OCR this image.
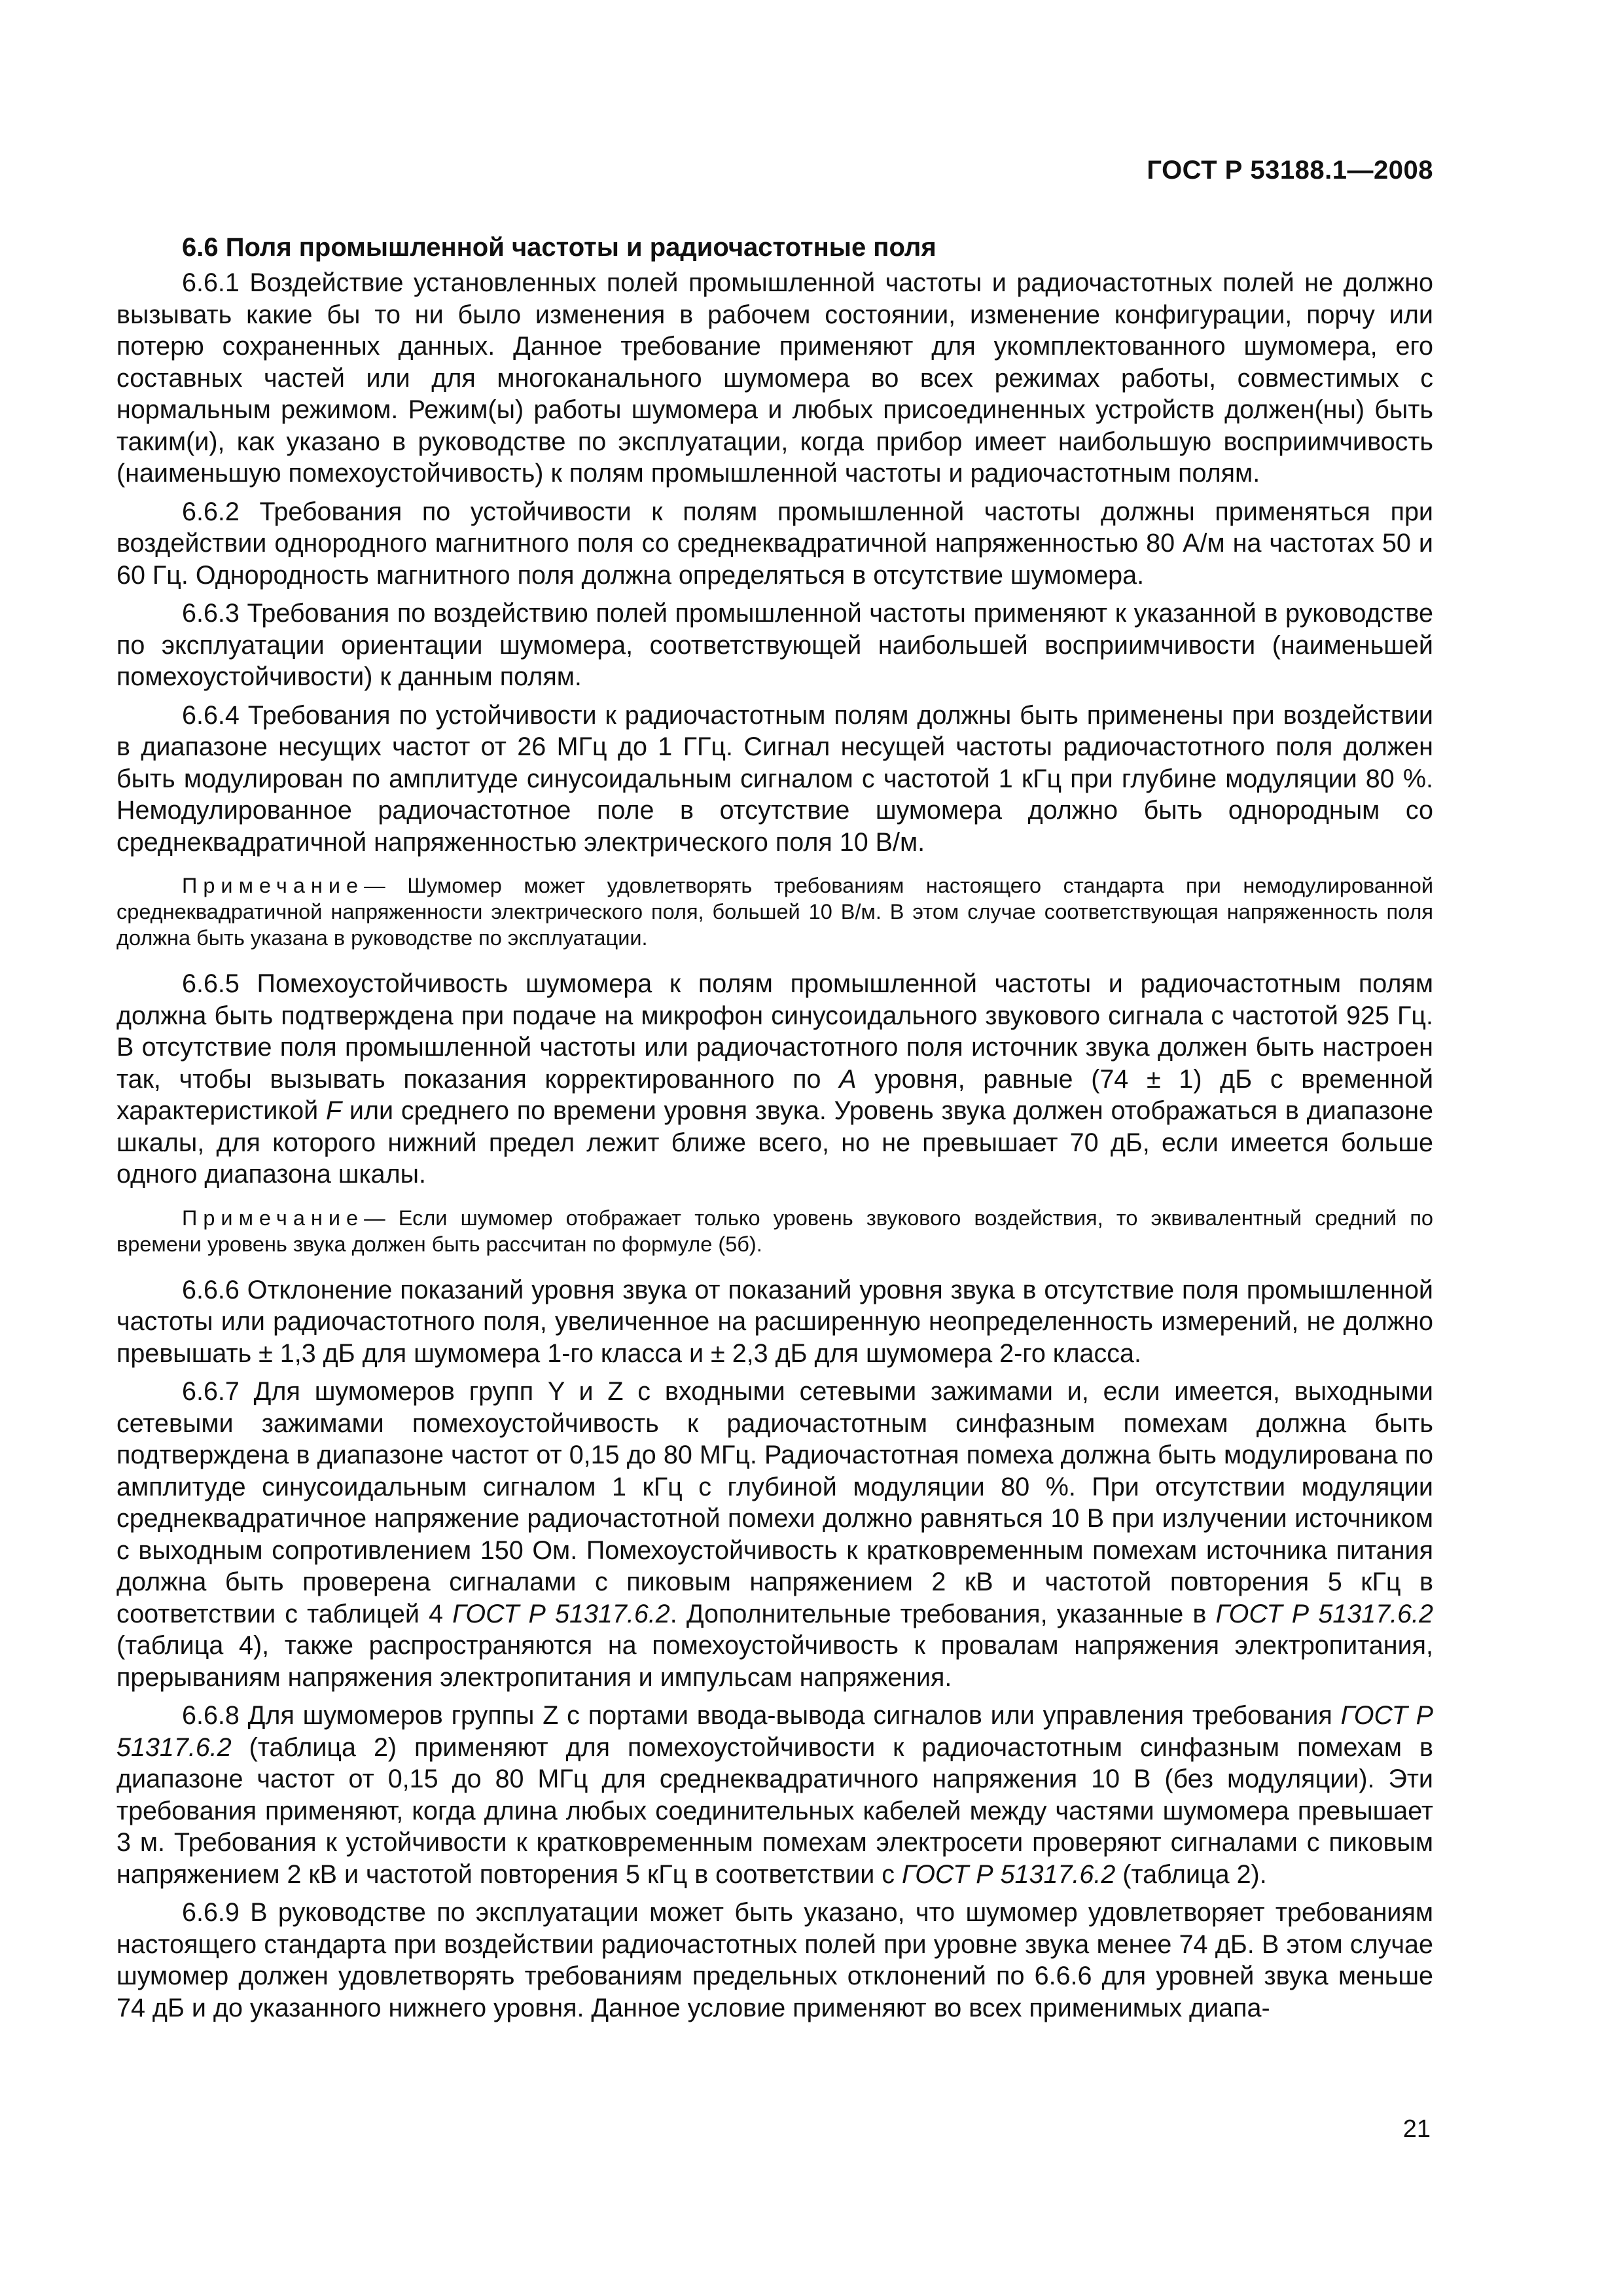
ГОСТ Р 53188.1—2008
6.6 Поля промышленной частоты и радиочастотные поля

6.6.1 Воздействие установленных полей промышленной частоты и радиочастотных полей не должно вызывать какие бы то ни было изменения в рабочем состоянии, изменение конфигурации, порчу или потерю сохраненных данных. Данное требование применяют для укомплектованного шумомера, его составных частей или для многоканального шумомера во всех режимах работы, совместимых с нормальным режимом. Режим(ы) работы шумомера и любых присоединенных устройств должен(ны) быть таким(и), как указано в руководстве по эксплуатации, когда прибор имеет наибольшую восприимчивость (наименьшую помехоустойчивость) к полям промышленной частоты и радиочастотным полям.

6.6.2 Требования по устойчивости к полям промышленной частоты должны применяться при воздействии однородного магнитного поля со среднеквадратичной напряженностью 80 А/м на частотах 50 и 60 Гц. Однородность магнитного поля должна определяться в отсутствие шумомера.

6.6.3 Требования по воздействию полей промышленной частоты применяют к указанной в руководстве по эксплуатации ориентации шумомера, соответствующей наибольшей восприимчивости (наименьшей помехоустойчивости) к данным полям.

6.6.4 Требования по устойчивости к радиочастотным полям должны быть применены при воздействии в диапазоне несущих частот от 26 МГц до 1 ГГц. Сигнал несущей частоты радиочастотного поля должен быть модулирован по амплитуде синусоидальным сигналом с частотой 1 кГц при глубине модуляции 80 %. Немодулированное радиочастотное поле в отсутствие шумомера должно быть однородным со среднеквадратичной напряженностью электрического поля 10 В/м.

Примечание— Шумомер может удовлетворять требованиям настоящего стандарта при немодулированной среднеквадратичной напряженности электрического поля, большей 10 В/м. В этом случае соответствующая напряженность поля должна быть указана в руководстве по эксплуатации.

6.6.5 Помехоустойчивость шумомера к полям промышленной частоты и радиочастотным полям должна быть подтверждена при подаче на микрофон синусоидального звукового сигнала с частотой 925 Гц. В отсутствие поля промышленной частоты или радиочастотного поля источник звука должен быть настроен так, чтобы вызывать показания корректированного по А уровня, равные (74 ± 1) дБ с временной характеристикой F или среднего по времени уровня звука. Уровень звука должен отображаться в диапазоне шкалы, для которого нижний предел лежит ближе всего, но не превышает 70 дБ, если имеется больше одного диапазона шкалы.

Примечание— Если шумомер отображает только уровень звукового воздействия, то эквивалентный средний по времени уровень звука должен быть рассчитан по формуле (5б).

6.6.6 Отклонение показаний уровня звука от показаний уровня звука в отсутствие поля промышленной частоты или радиочастотного поля, увеличенное на расширенную неопределенность измерений, не должно превышать ± 1,3 дБ для шумомера 1-го класса и ± 2,3 дБ для шумомера 2-го класса.

6.6.7 Для шумомеров групп Y и Z с входными сетевыми зажимами и, если имеется, выходными сетевыми зажимами помехоустойчивость к радиочастотным синфазным помехам должна быть подтверждена в диапазоне частот от 0,15 до 80 МГц. Радиочастотная помеха должна быть модулирована по амплитуде синусоидальным сигналом 1 кГц с глубиной модуляции 80 %. При отсутствии модуляции среднеквадратичное напряжение радиочастотной помехи должно равняться 10 В при излучении источником с выходным сопротивлением 150 Ом. Помехоустойчивость к кратковременным помехам источника питания должна быть проверена сигналами с пиковым напряжением 2 кВ и частотой повторения 5 кГц в соответствии с таблицей 4 ГОСТ Р 51317.6.2. Дополнительные требования, указанные в ГОСТ Р 51317.6.2 (таблица 4), также распространяются на помехоустойчивость к провалам напряжения электропитания, прерываниям напряжения электропитания и импульсам напряжения.

6.6.8 Для шумомеров группы Z с портами ввода-вывода сигналов или управления требования ГОСТ Р 51317.6.2 (таблица 2) применяют для помехоустойчивости к радиочастотным синфазным помехам в диапазоне частот от 0,15 до 80 МГц для среднеквадратичного напряжения 10 В (без модуляции). Эти требования применяют, когда длина любых соединительных кабелей между частями шумомера превышает 3 м. Требования к устойчивости к кратковременным помехам электросети проверяют сигналами с пиковым напряжением 2 кВ и частотой повторения 5 кГц в соответствии с ГОСТ Р 51317.6.2 (таблица 2).

6.6.9 В руководстве по эксплуатации может быть указано, что шумомер удовлетворяет требованиям настоящего стандарта при воздействии радиочастотных полей при уровне звука менее 74 дБ. В этом случае шумомер должен удовлетворять требованиям предельных отклонений по 6.6.6 для уровней звука меньше 74 дБ и до указанного нижнего уровня. Данное условие применяют во всех применимых диапа-

21
